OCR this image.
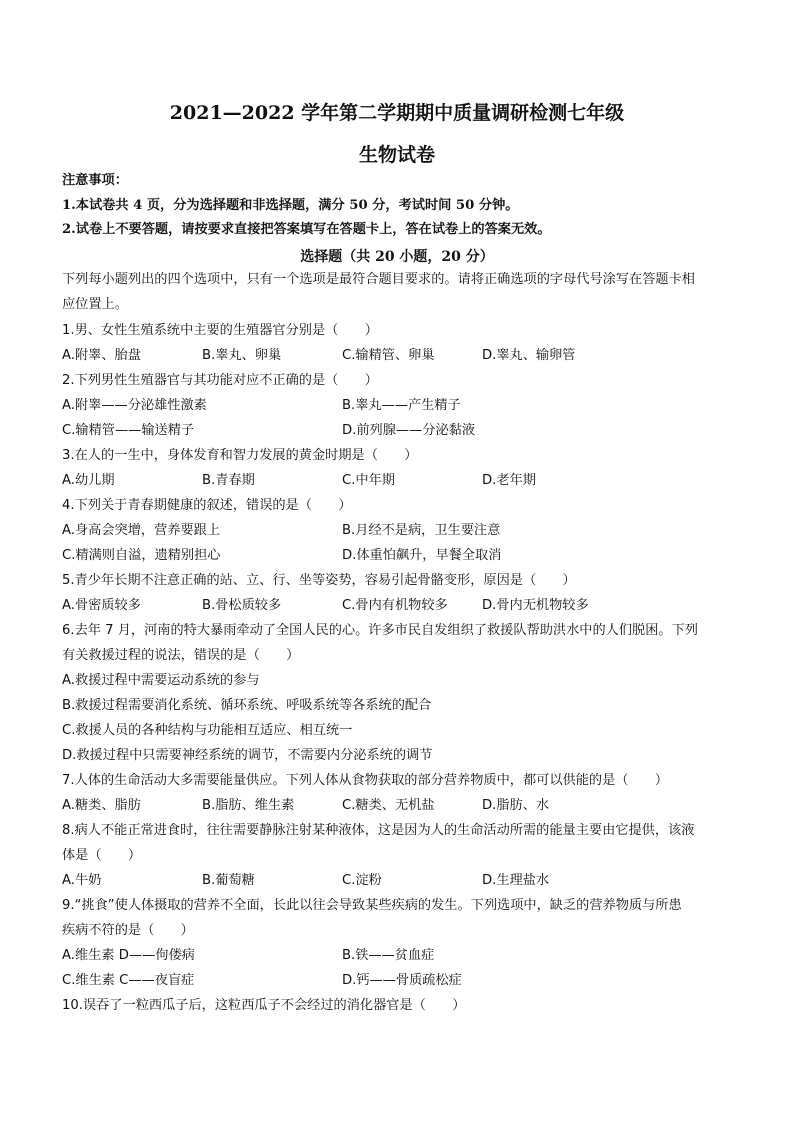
2021—2022 学年第二学期期中质量调研检测七年级
生物试卷
注意事项：
1.本试卷共 4 页，分为选择题和非选择题，满分 50 分，考试时间 50 分钟。
2.试卷上不要答题，请按要求直接把答案填写在答题卡上，答在试卷上的答案无效。
选择题（共 20 小题，20 分）
下列每小题列出的四个选项中，只有一个选项是最符合题目要求的。请将正确选项的字母代号涂写在答题卡相
应位置上。
1.男、女性生殖系统中主要的生殖器官分别是（　　）
A.附睾、胎盘	B.睾丸、卵巢	C.输精管、卵巢	D.睾丸、输卵管
2.下列男性生殖器官与其功能对应不正确的是（　　）
A.附睾——分泌雄性激素	B.睾丸——产生精子
C.输精管——输送精子	D.前列腺——分泌黏液
3.在人的一生中，身体发育和智力发展的黄金时期是（　　）
A.幼儿期	B.青春期	C.中年期	D.老年期
4.下列关于青春期健康的叙述，错误的是（　　）
A.身高会突增，营养要跟上	B.月经不是病，卫生要注意
C.精满则自溢，遗精别担心	D.体重怕飙升，早餐全取消
5.青少年长期不注意正确的站、立、行、坐等姿势，容易引起骨骼变形，原因是（　　）
A.骨密质较多	B.骨松质较多	C.骨内有机物较多	D.骨内无机物较多
6.去年 7 月，河南的特大暴雨牵动了全国人民的心。许多市民自发组织了救援队帮助洪水中的人们脱困。下列
有关救援过程的说法，错误的是（　　）
A.救援过程中需要运动系统的参与
B.救援过程需要消化系统、循环系统、呼吸系统等各系统的配合
C.救援人员的各种结构与功能相互适应、相互统一
D.救援过程中只需要神经系统的调节，不需要内分泌系统的调节
7.人体的生命活动大多需要能量供应。下列人体从食物获取的部分营养物质中，都可以供能的是（　　）
A.糖类、脂肪	B.脂肪、维生素	C.糖类、无机盐	D.脂肪、水
8.病人不能正常进食时，往往需要静脉注射某种液体，这是因为人的生命活动所需的能量主要由它提供，该液
体是（　　）
A.牛奶	B.葡萄糖	C.淀粉	D.生理盐水
9.“挑食”使人体摄取的营养不全面，长此以往会导致某些疾病的发生。下列选项中，缺乏的营养物质与所患
疾病不符的是（　　）
A.维生素 D——佝偻病	B.铁——贫血症
C.维生素 C——夜盲症	D.钙——骨质疏松症
10.误吞了一粒西瓜子后，这粒西瓜子不会经过的消化器官是（　　）
